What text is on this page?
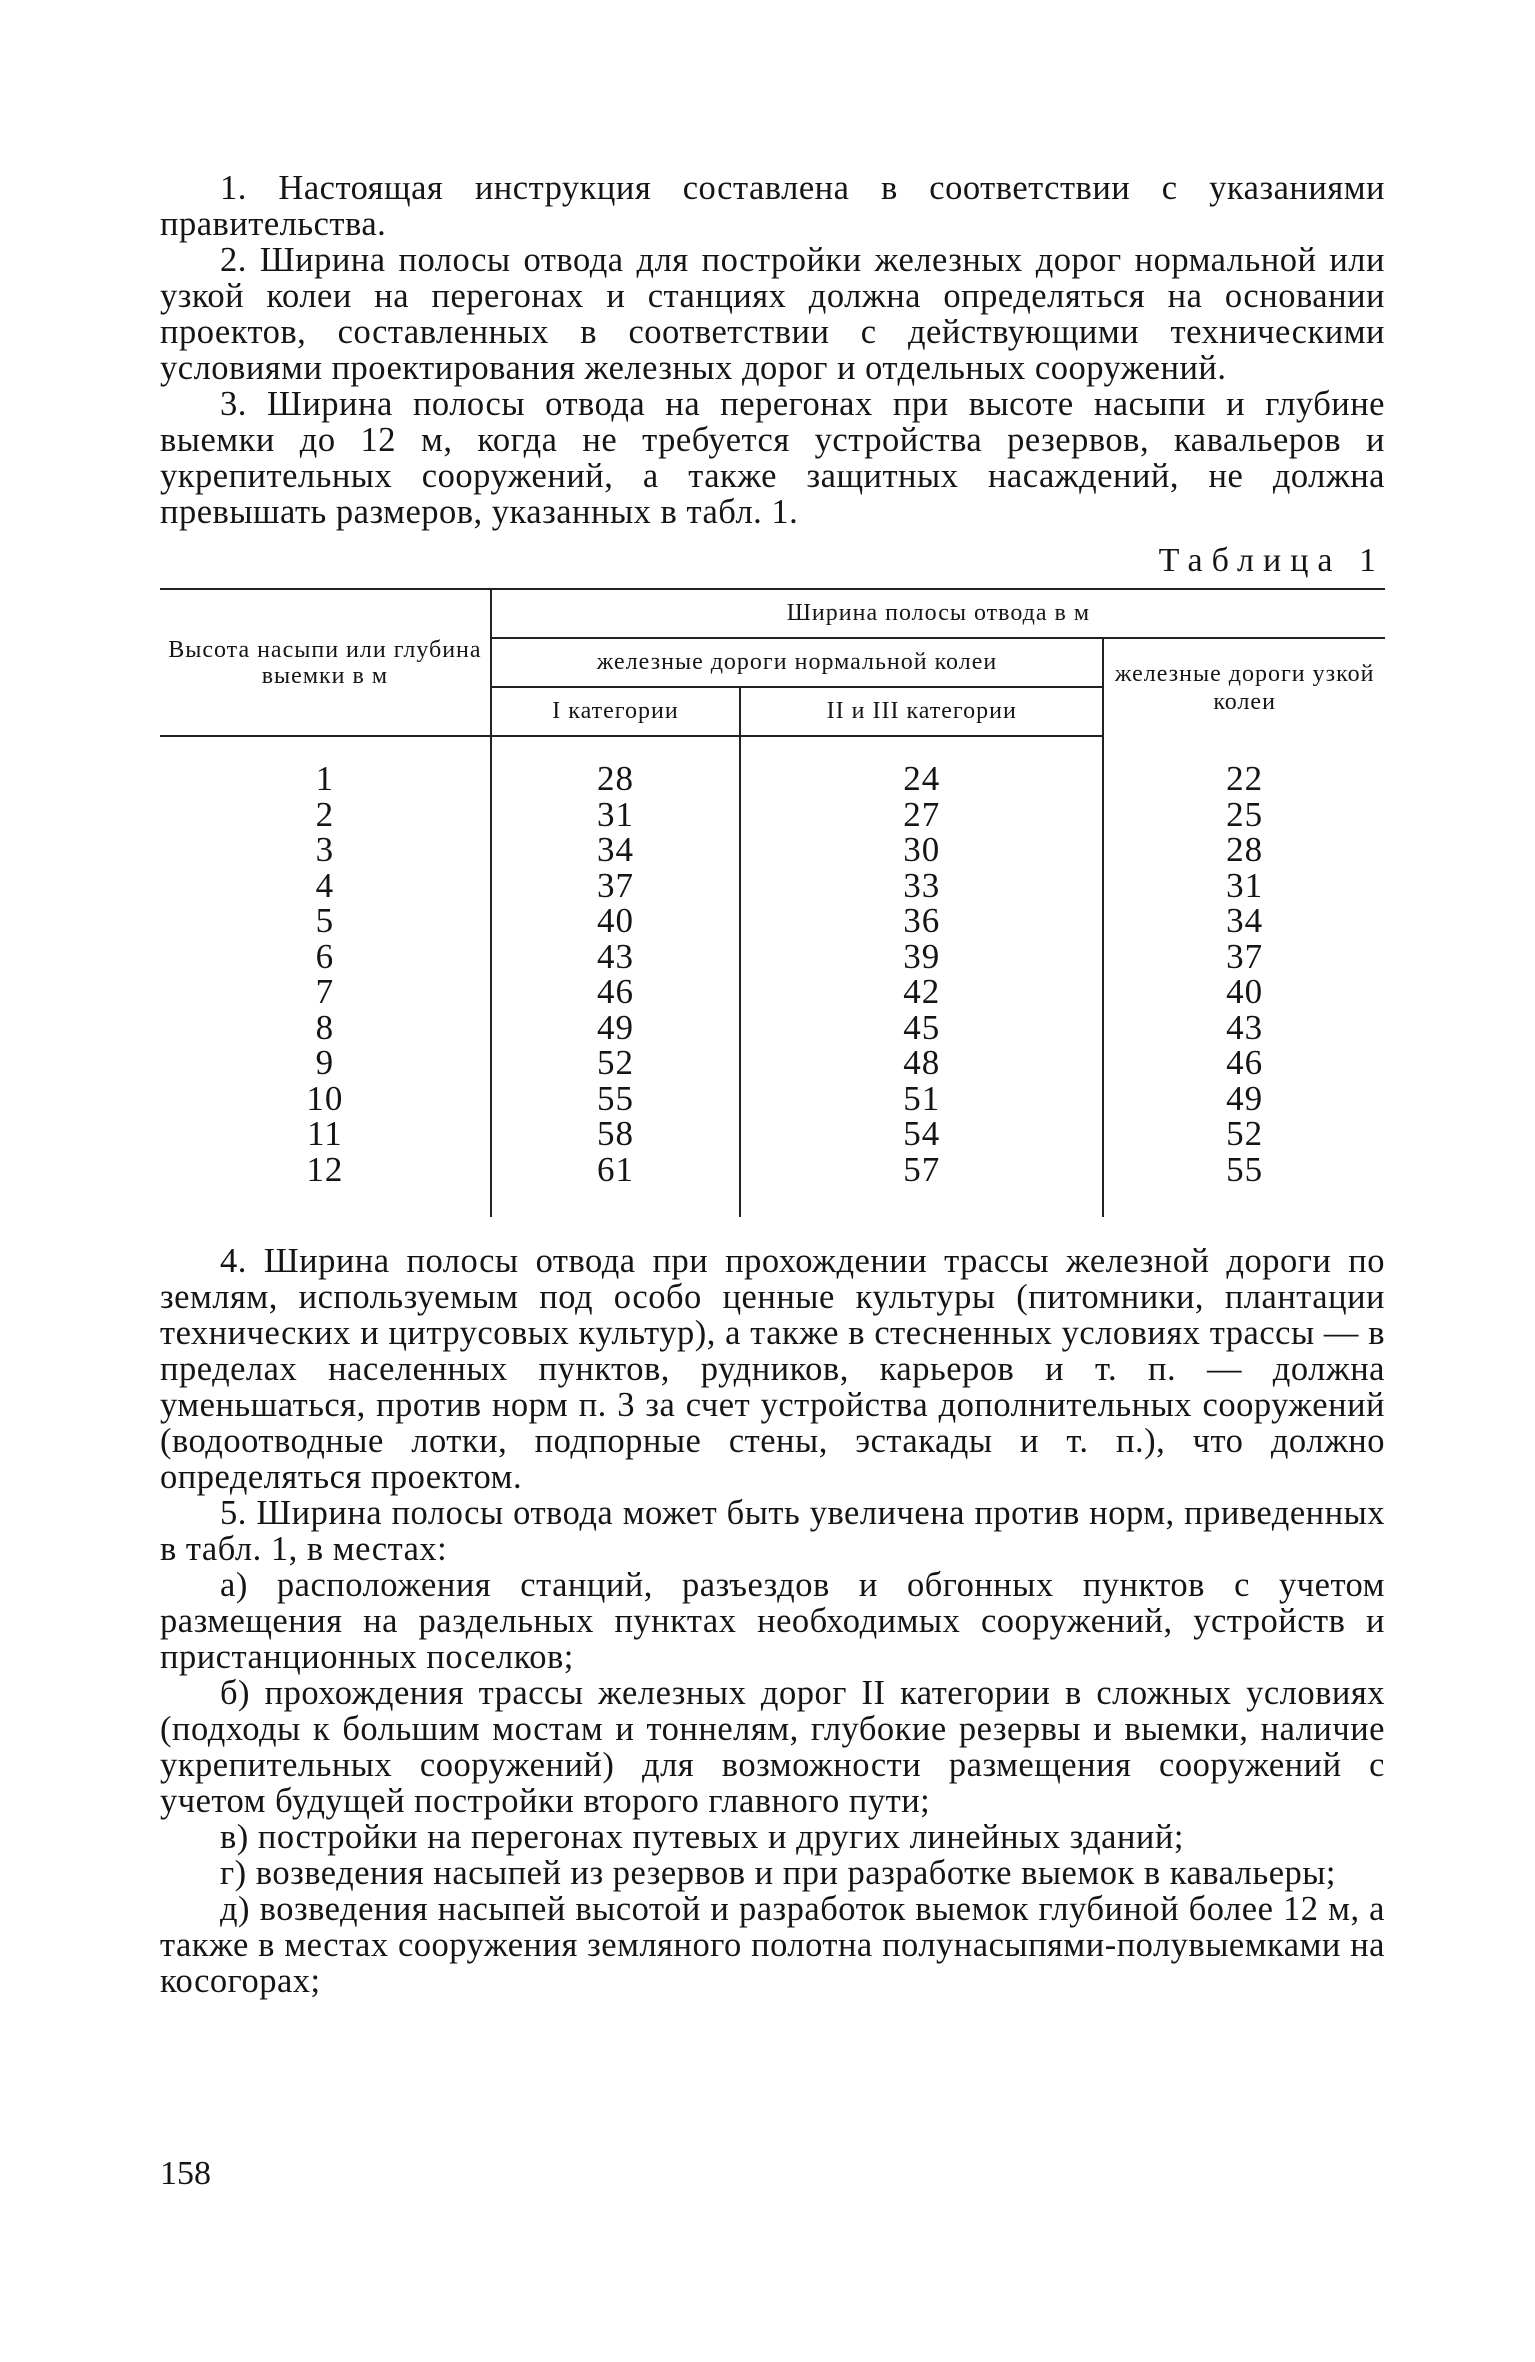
1. Настоящая инструкция составлена в соответствии с указаниями правительства.

2. Ширина полосы отвода для постройки железных дорог нормальной или узкой колеи на перегонах и станциях должна определяться на основании проектов, составленных в соответствии с действующими техническими условиями проектирования железных дорог и отдельных сооружений.

3. Ширина полосы отвода на перегонах при высоте насыпи и глубине выемки до 12 м, когда не требуется устройства резервов, кавальеров и укрепительных сооружений, а также защитных насаждений, не должна превышать размеров, указанных в табл. 1.

Таблица 1
Высота насыпи или глубина выемки в м	Ширина полосы отвода в м		
	железные дороги нормальной колеи		железные дороги узкой колеи
	I категории	II и III категории	
1	28	24	22
2	31	27	25
3	34	30	28
4	37	33	31
5	40	36	34
6	43	39	37
7	46	42	40
8	49	45	43
9	52	48	46
10	55	51	49
11	58	54	52
12	61	57	55

4. Ширина полосы отвода при прохождении трассы железной дороги по землям, используемым под особо ценные культуры (питомники, плантации технических и цитрусовых культур), а также в стесненных условиях трассы — в пределах населенных пунктов, рудников, карьеров и т. п. — должна уменьшаться, против норм п. 3 за счет устройства дополнительных сооружений (водоотводные лотки, подпорные стены, эстакады и т. п.), что должно определяться проектом.

5. Ширина полосы отвода может быть увеличена против норм, приведенных в табл. 1, в местах:

а) расположения станций, разъездов и обгонных пунктов с учетом размещения на раздельных пунктах необходимых сооружений, устройств и пристанционных поселков;

б) прохождения трассы железных дорог II категории в сложных условиях (подходы к большим мостам и тоннелям, глубокие резервы и выемки, наличие укрепительных сооружений) для возможности размещения сооружений с учетом будущей постройки второго главного пути;

в) постройки на перегонах путевых и других линейных зданий;

г) возведения насыпей из резервов и при разработке выемок в кавальеры;

д) возведения насыпей высотой и разработок выемок глубиной более 12 м, а также в местах сооружения земляного полотна полунасыпями-полувыемками на косогорах;

158
